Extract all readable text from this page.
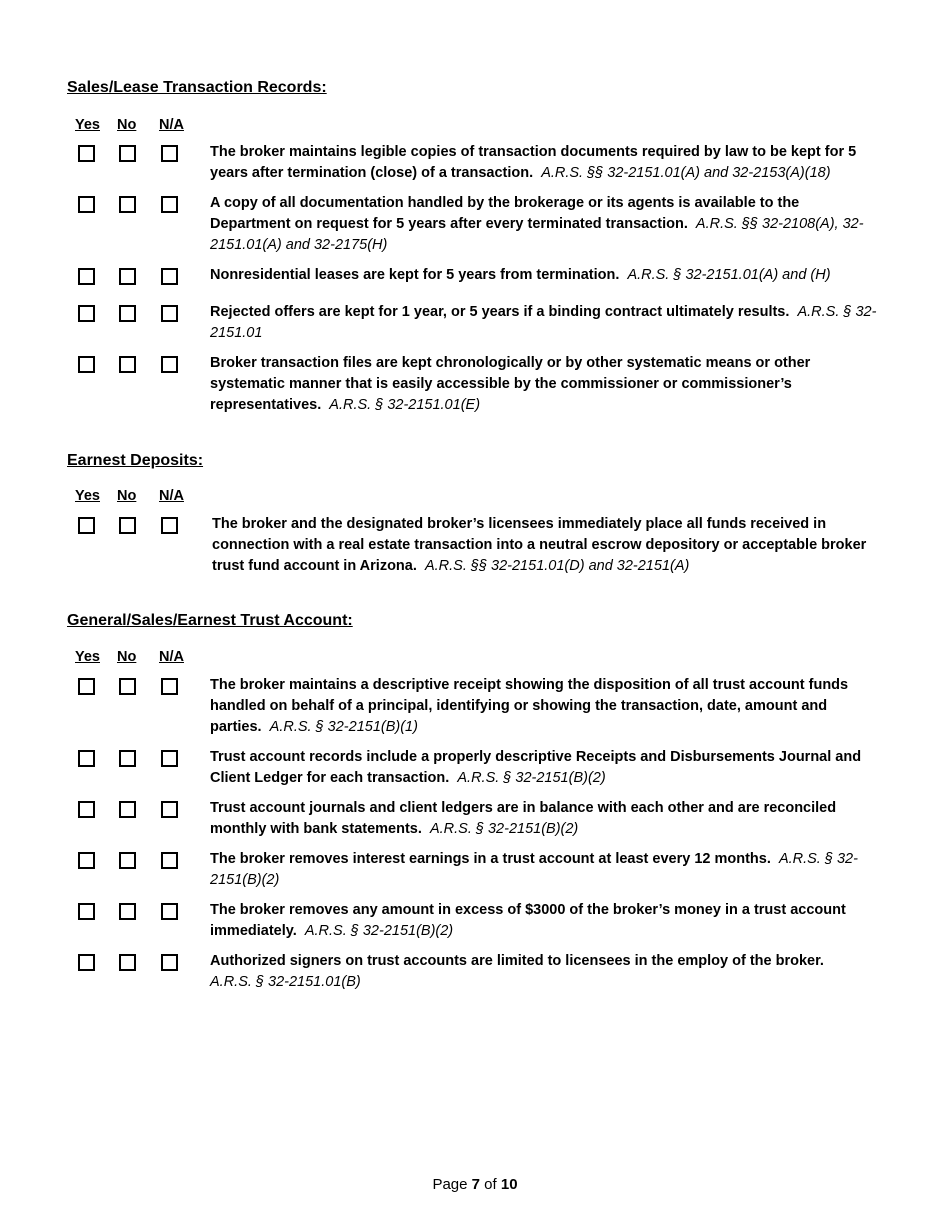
Sales/Lease Transaction Records:
Yes No N/A

The broker maintains legible copies of transaction documents required by law to be kept for 5 years after termination (close) of a transaction. A.R.S. §§ 32-2151.01(A) and 32-2153(A)(18)

A copy of all documentation handled by the brokerage or its agents is available to the Department on request for 5 years after every terminated transaction. A.R.S. §§ 32-2108(A), 32-2151.01(A) and 32-2175(H)

Nonresidential leases are kept for 5 years from termination. A.R.S. § 32-2151.01(A) and (H)

Rejected offers are kept for 1 year, or 5 years if a binding contract ultimately results. A.R.S. § 32-2151.01

Broker transaction files are kept chronologically or by other systematic means or other systematic manner that is easily accessible by the commissioner or commissioner’s representatives. A.R.S. § 32-2151.01(E)

Earnest Deposits:
Yes No N/A

The broker and the designated broker’s licensees immediately place all funds received in connection with a real estate transaction into a neutral escrow depository or acceptable broker trust fund account in Arizona. A.R.S. §§ 32-2151.01(D) and 32-2151(A)

General/Sales/Earnest Trust Account:
Yes No N/A

The broker maintains a descriptive receipt showing the disposition of all trust account funds handled on behalf of a principal, identifying or showing the transaction, date, amount and parties. A.R.S. § 32-2151(B)(1)

Trust account records include a properly descriptive Receipts and Disbursements Journal and Client Ledger for each transaction. A.R.S. § 32-2151(B)(2)

Trust account journals and client ledgers are in balance with each other and are reconciled monthly with bank statements. A.R.S. § 32-2151(B)(2)

The broker removes interest earnings in a trust account at least every 12 months. A.R.S. § 32-2151(B)(2)

The broker removes any amount in excess of $3000 of the broker’s money in a trust account immediately. A.R.S. § 32-2151(B)(2)

Authorized signers on trust accounts are limited to licensees in the employ of the broker.
A.R.S. § 32-2151.01(B)

Page 7 of 10
